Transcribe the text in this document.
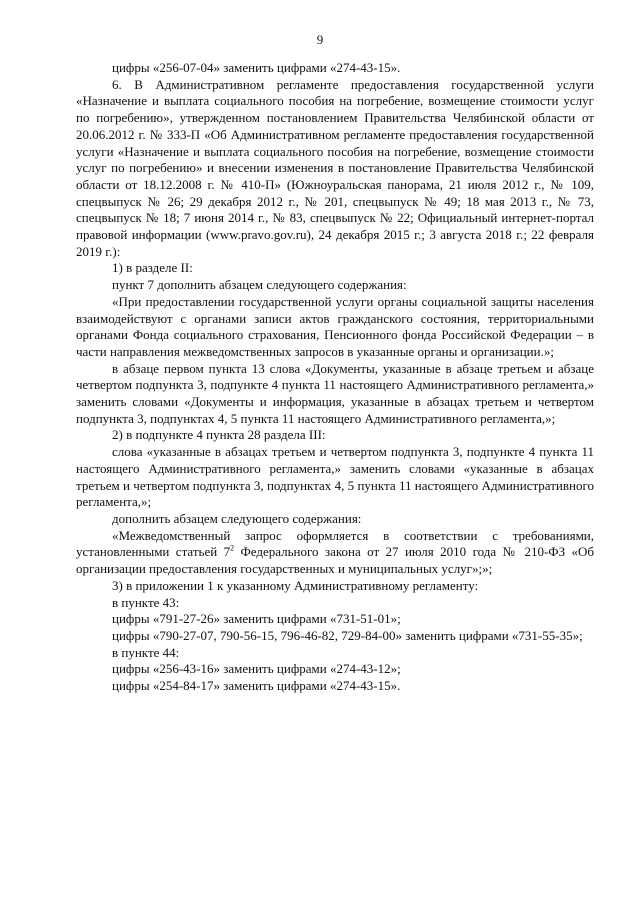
9

цифры «256-07-04» заменить цифрами «274-43-15».

6. В Административном регламенте предоставления государственной услуги «Назначение и выплата социального пособия на погребение, возмещение стоимости услуг по погребению», утвержденном постановлением Правительства Челябинской области от 20.06.2012 г. № 333-П «Об Административном регламенте предоставления государственной услуги «Назначение и выплата социального пособия на погребение, возмещение стоимости услуг по погребению» и внесении изменения в постановление Правительства Челябинской области от 18.12.2008 г. № 410-П» (Южноуральская панорама, 21 июля 2012 г., № 109, спецвыпуск № 26; 29 декабря 2012 г., № 201, спецвыпуск № 49; 18 мая 2013 г., № 73, спецвыпуск № 18; 7 июня 2014 г., № 83, спецвыпуск № 22; Официальный интернет-портал правовой информации (www.pravo.gov.ru), 24 декабря 2015 г.; 3 августа 2018 г.; 22 февраля 2019 г.):

1) в разделе II:

пункт 7 дополнить абзацем следующего содержания:

«При предоставлении государственной услуги органы социальной защиты населения взаимодействуют с органами записи актов гражданского состояния, территориальными органами Фонда социального страхования, Пенсионного фонда Российской Федерации – в части направления межведомственных запросов в указанные органы и организации.»;

в абзаце первом пункта 13 слова «Документы, указанные в абзаце третьем и абзаце четвертом подпункта 3, подпункте 4 пункта 11 настоящего Административного регламента,» заменить словами «Документы и информация, указанные в абзацах третьем и четвертом подпункта 3, подпунктах 4, 5 пункта 11 настоящего Административного регламента,»;

2) в подпункте 4 пункта 28 раздела III:

слова «указанные в абзацах третьем и четвертом подпункта 3, подпункте 4 пункта 11 настоящего Административного регламента,» заменить словами «указанные в абзацах третьем и четвертом подпункта 3, подпунктах 4, 5 пункта 11 настоящего Административного регламента,»;

дополнить абзацем следующего содержания:

«Межведомственный запрос оформляется в соответствии с требованиями, установленными статьей $7^2$ Федерального закона от 27 июля 2010 года № 210-ФЗ «Об организации предоставления государственных и муниципальных услуг»;»;

3) в приложении 1 к указанному Административному регламенту:

в пункте 43:

цифры «791-27-26» заменить цифрами «731-51-01»;

цифры «790-27-07, 790-56-15, 796-46-82, 729-84-00» заменить цифрами «731-55-35»;

в пункте 44:

цифры «256-43-16» заменить цифрами «274-43-12»;

цифры «254-84-17» заменить цифрами «274-43-15».
